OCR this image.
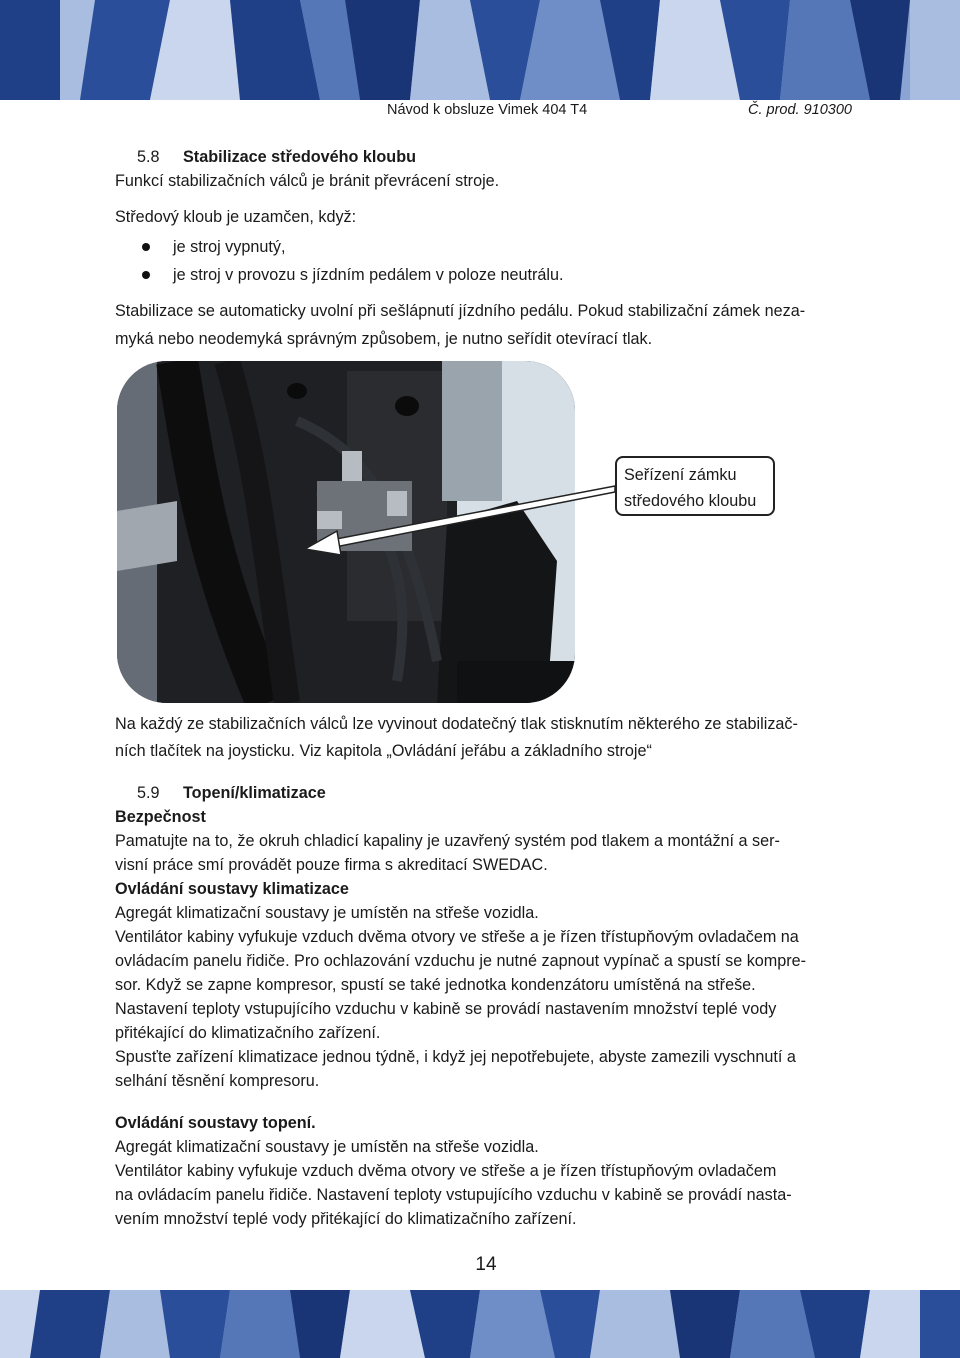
Návod k obsluze Vimek 404 T4	Č. prod. 910300
5.8	Stabilizace středového kloubu

Funkcí stabilizačních válců je bránit převrácení stroje.

Středový kloub je uzamčen, když:

je stroj vypnutý,
je stroj v provozu s jízdním pedálem v poloze neutrálu.

Stabilizace se automaticky uvolní při sešlápnutí jízdního pedálu. Pokud stabilizační zámek neza-

myká nebo neodemyká správným způsobem, je nutno seřídit otevírací tlak.

Seřízení zámku
středového kloubu

Na každý ze stabilizačních válců lze vyvinout dodatečný tlak stisknutím některého ze stabilizač-

ních tlačítek na joysticku. Viz kapitola „Ovládání jeřábu a základního stroje“

5.9	Topení/klimatizace

Bezpečnost

Pamatujte na to, že okruh chladicí kapaliny je uzavřený systém pod tlakem a montážní a ser-

visní práce smí provádět pouze firma s akreditací SWEDAC.

Ovládání soustavy klimatizace

Agregát klimatizační soustavy je umístěn na střeše vozidla.

Ventilátor kabiny vyfukuje vzduch dvěma otvory ve střeše a je řízen třístupňovým ovladačem na

ovládacím panelu řidiče. Pro ochlazování vzduchu je nutné zapnout vypínač a spustí se kompre-

sor. Když se zapne kompresor, spustí se také jednotka kondenzátoru umístěná na střeše.

Nastavení teploty vstupujícího vzduchu v kabině se provádí nastavením množství teplé vody

přitékající do klimatizačního zařízení.

Spusťte zařízení klimatizace jednou týdně, i když jej nepotřebujete, abyste zamezili vyschnutí a

selhání těsnění kompresoru.

Ovládání soustavy topení.

Agregát klimatizační soustavy je umístěn na střeše vozidla.

Ventilátor kabiny vyfukuje vzduch dvěma otvory ve střeše a je řízen třístupňovým ovladačem

na ovládacím panelu řidiče. Nastavení teploty vstupujícího vzduchu v kabině se provádí nasta-

vením množství teplé vody přitékající do klimatizačního zařízení.

14
